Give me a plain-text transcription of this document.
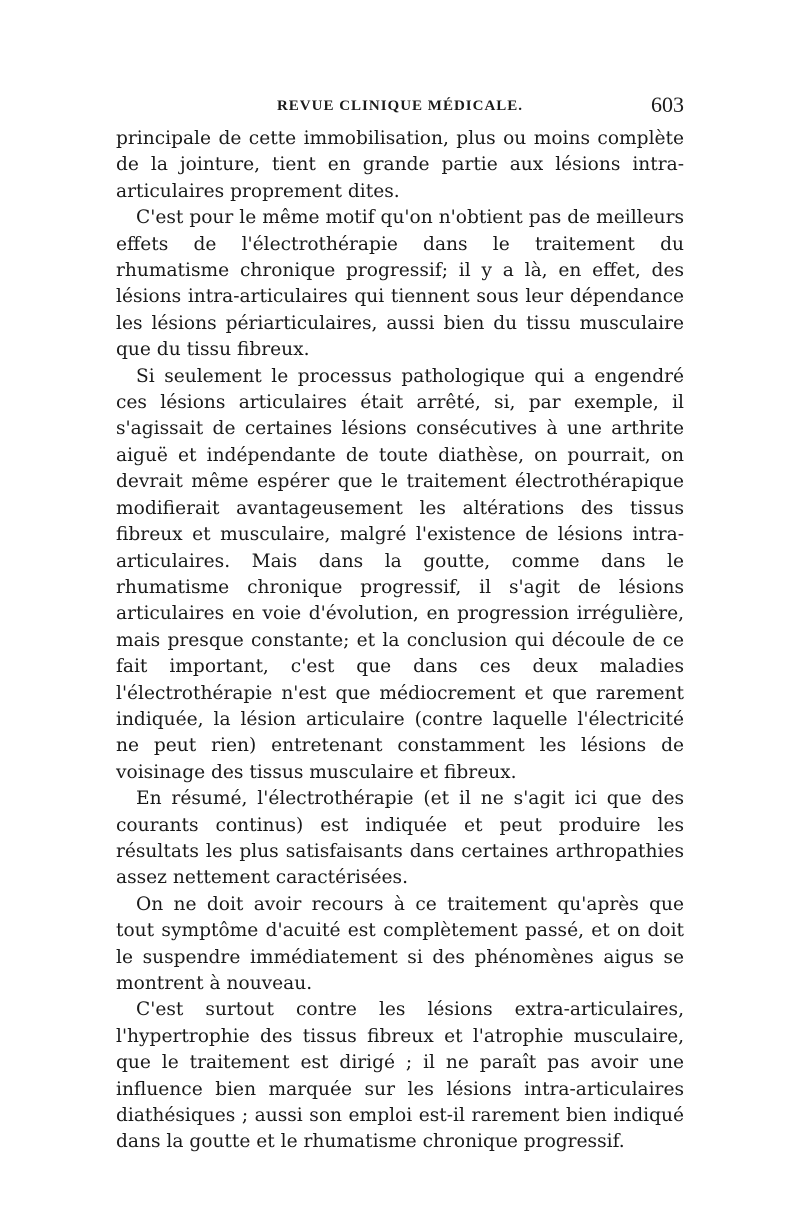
REVUE CLINIQUE MÉDICALE.	603

principale de cette immobilisation, plus ou moins complète de la jointure, tient en grande partie aux lésions intra-articulaires proprement dites.

C'est pour le même motif qu'on n'obtient pas de meilleurs effets de l'électrothérapie dans le traitement du rhumatisme chronique progressif; il y a là, en effet, des lésions intra-articulaires qui tiennent sous leur dépendance les lésions périarticulaires, aussi bien du tissu musculaire que du tissu fibreux.

Si seulement le processus pathologique qui a engendré ces lésions articulaires était arrêté, si, par exemple, il s'agissait de certaines lésions consécutives à une arthrite aiguë et indépendante de toute diathèse, on pourrait, on devrait même espérer que le traitement électrothérapique modifierait avantageusement les altérations des tissus fibreux et musculaire, malgré l'existence de lésions intra-articulaires. Mais dans la goutte, comme dans le rhumatisme chronique progressif, il s'agit de lésions articulaires en voie d'évolution, en progression irrégulière, mais presque constante; et la conclusion qui découle de ce fait important, c'est que dans ces deux maladies l'électrothérapie n'est que médiocrement et que rarement indiquée, la lésion articulaire (contre laquelle l'électricité ne peut rien) entretenant constamment les lésions de voisinage des tissus musculaire et fibreux.

En résumé, l'électrothérapie (et il ne s'agit ici que des courants continus) est indiquée et peut produire les résultats les plus satisfaisants dans certaines arthropathies assez nettement caractérisées.

On ne doit avoir recours à ce traitement qu'après que tout symptôme d'acuité est complètement passé, et on doit le suspendre immédiatement si des phénomènes aigus se montrent à nouveau.

C'est surtout contre les lésions extra-articulaires, l'hypertrophie des tissus fibreux et l'atrophie musculaire, que le traitement est dirigé ; il ne paraît pas avoir une influence bien marquée sur les lésions intra-articulaires diathésiques ; aussi son emploi est-il rarement bien indiqué dans la goutte et le rhumatisme chronique progressif.
